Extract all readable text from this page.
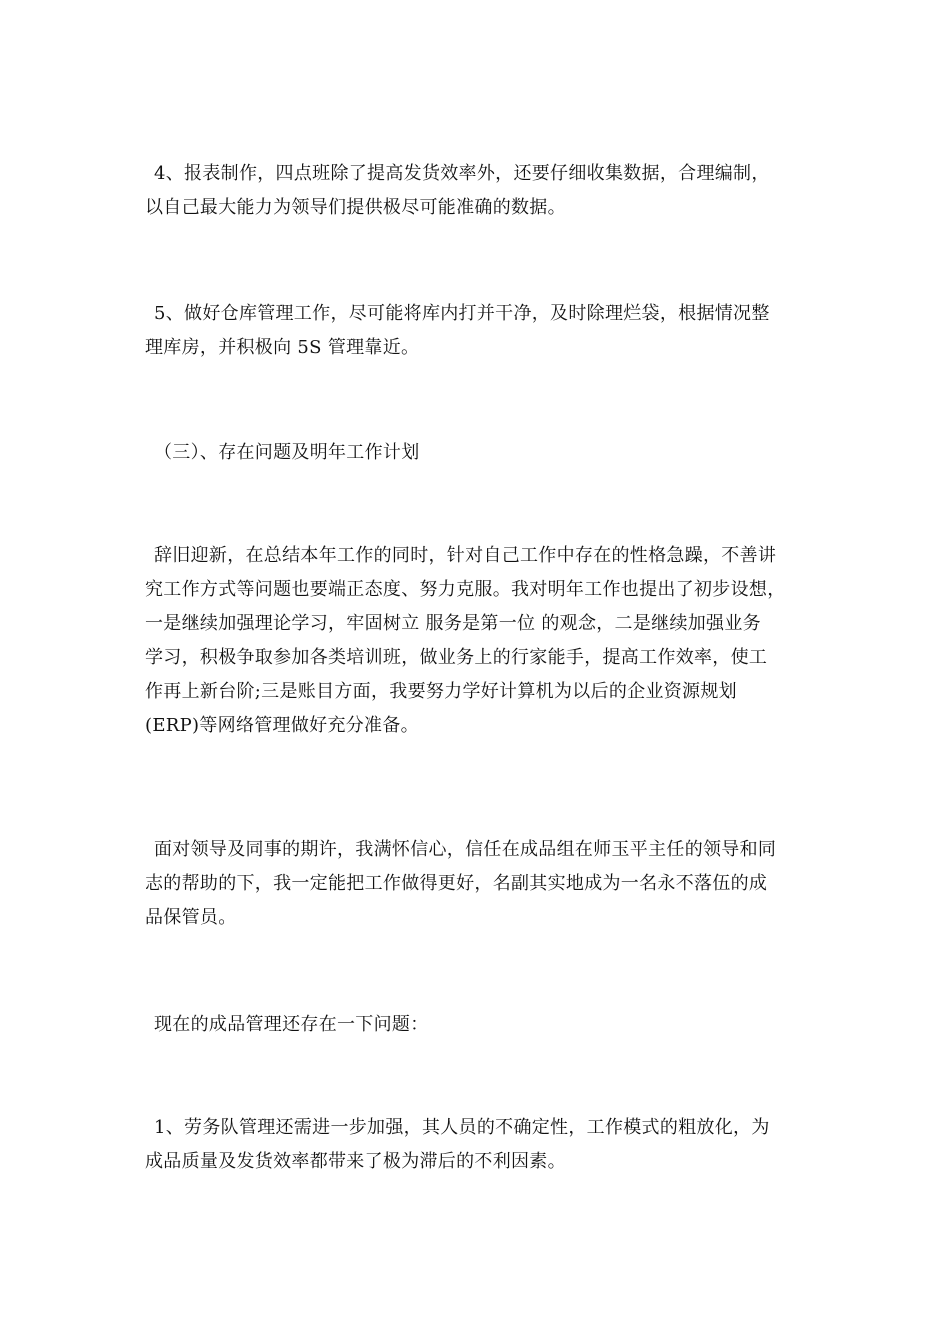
4、报表制作，四点班除了提高发货效率外，还要仔细收集数据，合理编制，
以自己最大能力为领导们提供极尽可能准确的数据。
5、做好仓库管理工作，尽可能将库内打并干净，及时除理烂袋，根据情况整
理库房，并积极向 5S 管理靠近。
（三）、存在问题及明年工作计划
辞旧迎新，在总结本年工作的同时，针对自己工作中存在的性格急躁，不善讲
究工作方式等问题也要端正态度、努力克服。我对明年工作也提出了初步设想，
一是继续加强理论学习，牢固树立 服务是第一位 的观念，二是继续加强业务
学习，积极争取参加各类培训班，做业务上的行家能手，提高工作效率，使工
作再上新台阶;三是账目方面，我要努力学好计算机为以后的企业资源规划
(ERP)等网络管理做好充分准备。
面对领导及同事的期许，我满怀信心，信任在成品组在师玉平主任的领导和同
志的帮助的下，我一定能把工作做得更好，名副其实地成为一名永不落伍的成
品保管员。
现在的成品管理还存在一下问题：
1、劳务队管理还需进一步加强，其人员的不确定性，工作模式的粗放化，为
成品质量及发货效率都带来了极为滞后的不利因素。
